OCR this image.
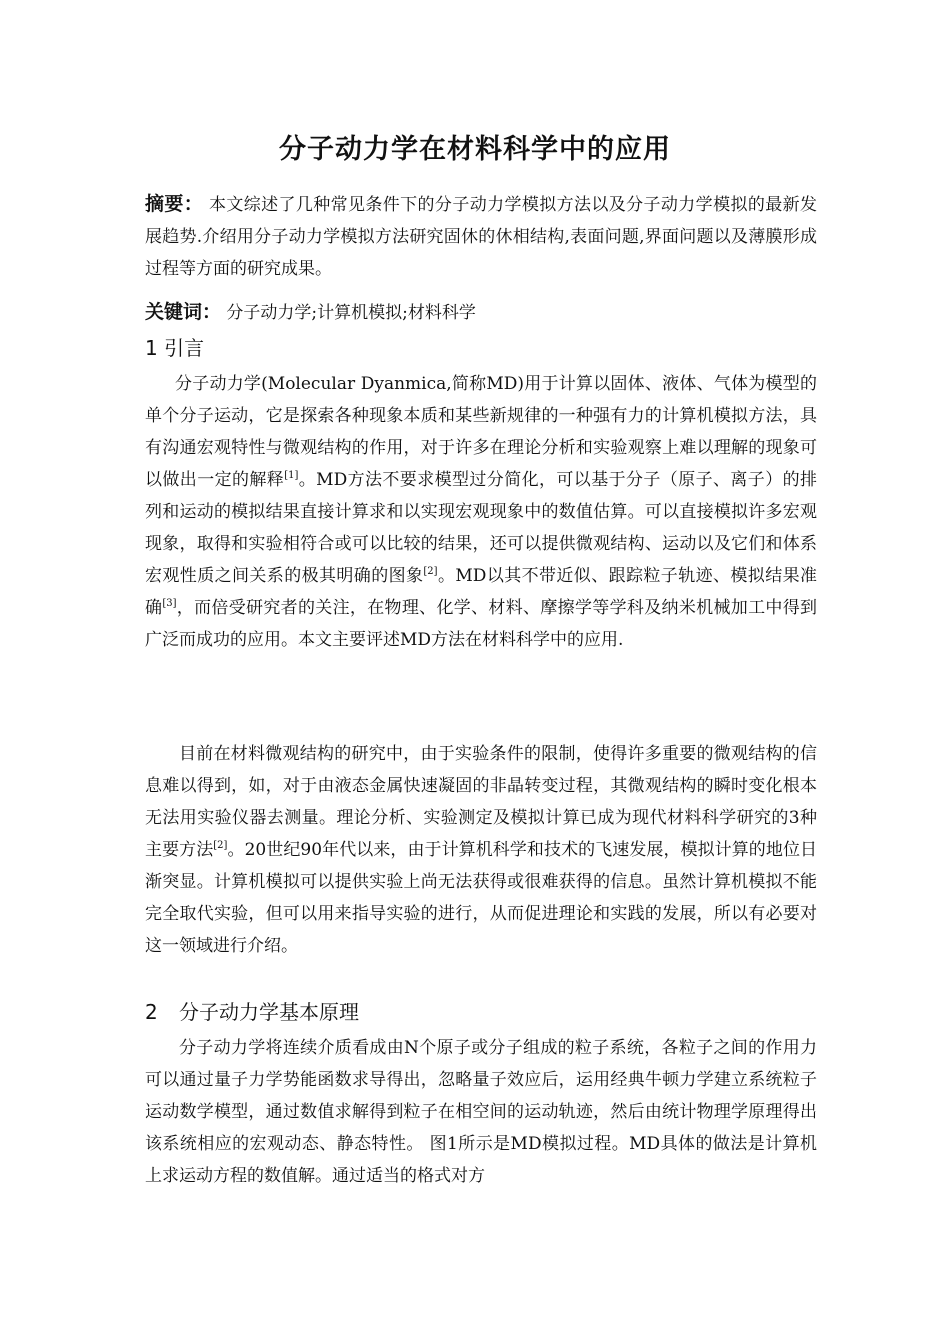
分子动力学在材料科学中的应用
摘要： 本文综述了几种常见条件下的分子动力学模拟方法以及分子动力学模拟的最新发展趋势.介绍用分子动力学模拟方法研究固休的休相结构,表面问题,界面问题以及薄膜形成过程等方面的研究成果。
关键词： 分子动力学;计算机模拟;材料科学
1 引言
分子动力学(Molecular Dyanmica,简称MD)用于计算以固体、液体、气体为模型的单个分子运动，它是探索各种现象本质和某些新规律的一种强有力的计算机模拟方法，具有沟通宏观特性与微观结构的作用，对于许多在理论分析和实验观察上难以理解的现象可以做出一定的解释[1]。MD方法不要求模型过分简化，可以基于分子（原子、离子）的排列和运动的模拟结果直接计算求和以实现宏观现象中的数值估算。可以直接模拟许多宏观现象，取得和实验相符合或可以比较的结果，还可以提供微观结构、运动以及它们和体系宏观性质之间关系的极其明确的图象[2]。MD以其不带近似、跟踪粒子轨迹、模拟结果准确[3]，而倍受研究者的关注，在物理、化学、材料、摩擦学等学科及纳米机械加工中得到广泛而成功的应用。本文主要评述MD方法在材料科学中的应用.
目前在材料微观结构的研究中，由于实验条件的限制，使得许多重要的微观结构的信息难以得到，如，对于由液态金属快速凝固的非晶转变过程，其微观结构的瞬时变化根本无法用实验仪器去测量。理论分析、实验测定及模拟计算已成为现代材料科学研究的3种主要方法[2]。20世纪90年代以来，由于计算机科学和技术的飞速发展，模拟计算的地位日渐突显。计算机模拟可以提供实验上尚无法获得或很难获得的信息。虽然计算机模拟不能完全取代实验，但可以用来指导实验的进行，从而促进理论和实践的发展，所以有必要对这一领域进行介绍。
2 分子动力学基本原理
分子动力学将连续介质看成由N个原子或分子组成的粒子系统，各粒子之间的作用力可以通过量子力学势能函数求导得出，忽略量子效应后，运用经典牛顿力学建立系统粒子运动数学模型，通过数值求解得到粒子在相空间的运动轨迹，然后由统计物理学原理得出该系统相应的宏观动态、静态特性。 图1所示是MD模拟过程。MD具体的做法是计算机上求运动方程的数值解。通过适当的格式对方
